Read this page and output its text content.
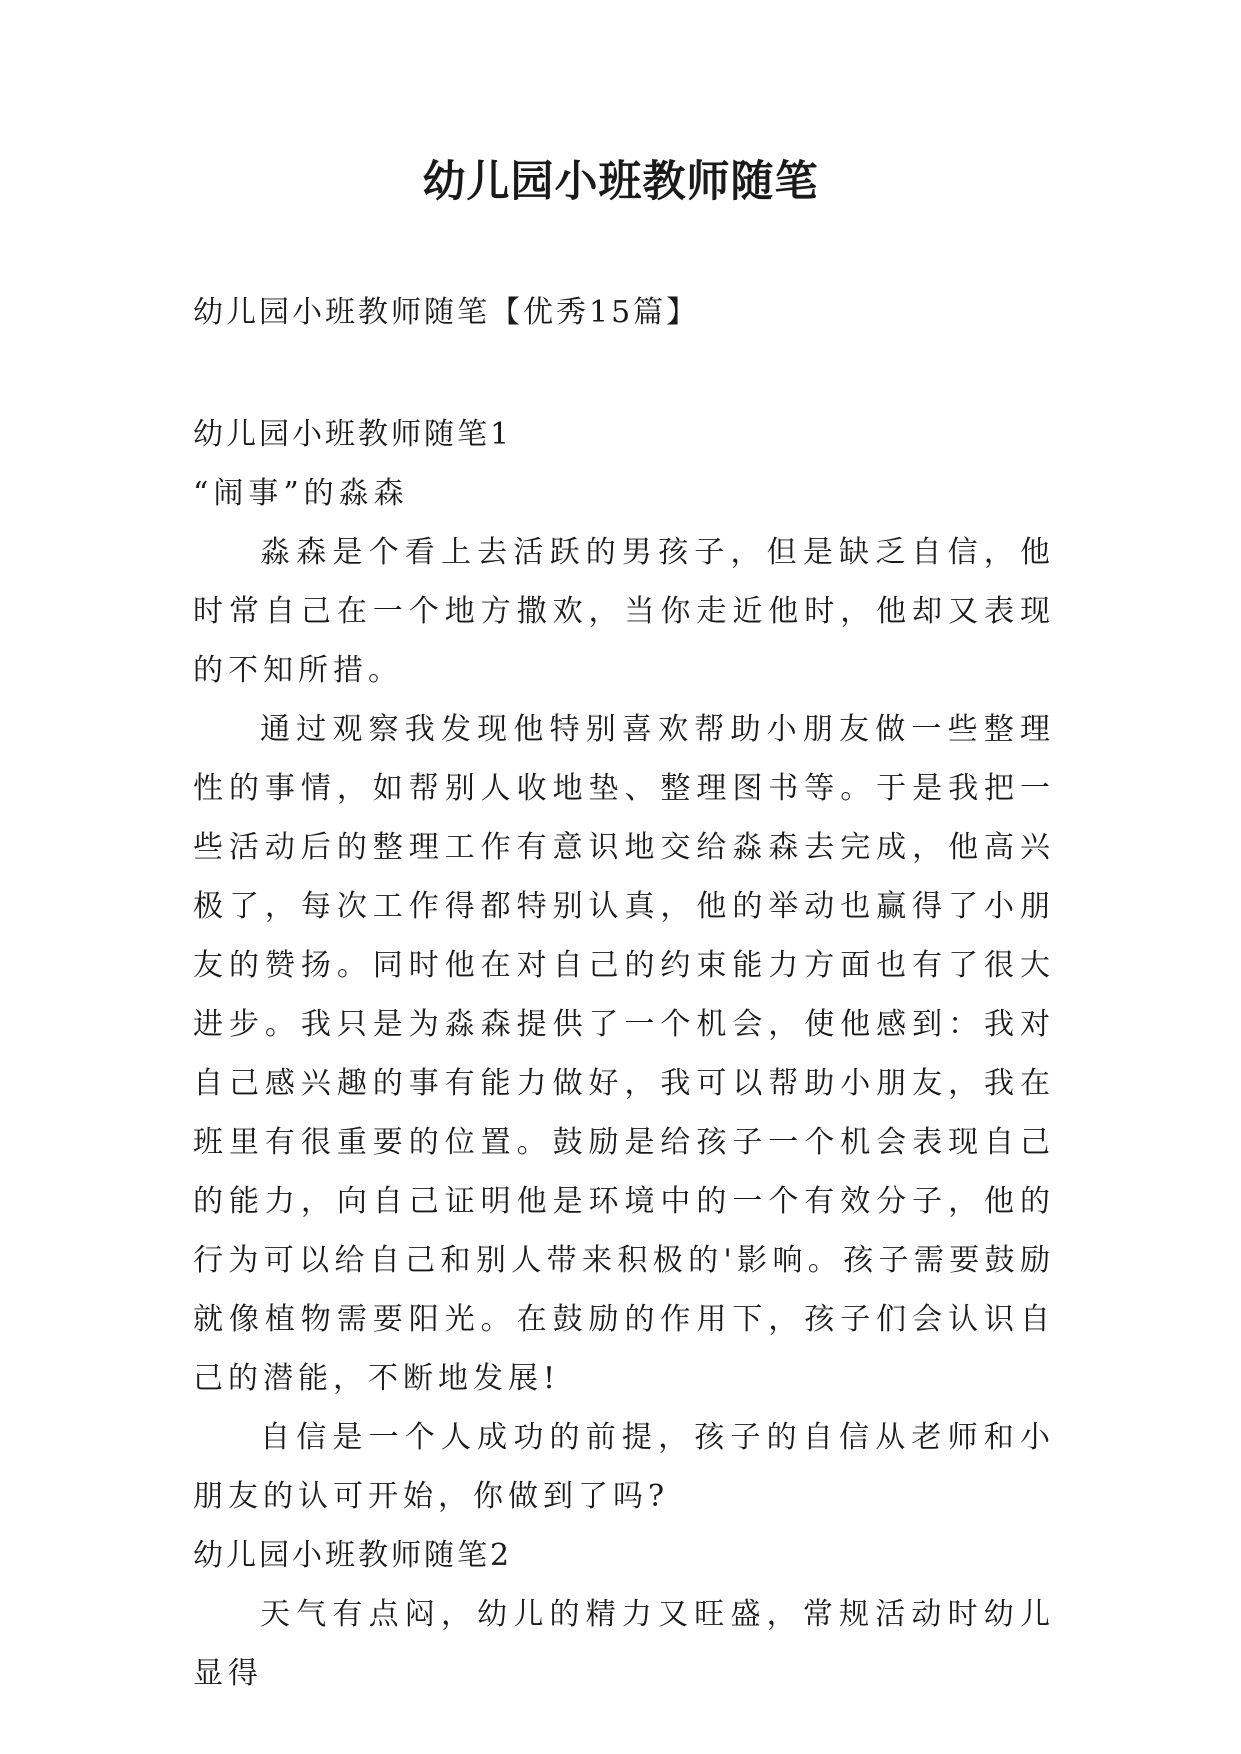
幼儿园小班教师随笔

幼儿园小班教师随笔【优秀15篇】

幼儿园小班教师随笔1

“闹事”的淼森

淼森是个看上去活跃的男孩子，但是缺乏自信，他时常自己在一个地方撒欢，当你走近他时，他却又表现的不知所措。

通过观察我发现他特别喜欢帮助小朋友做一些整理性的事情，如帮别人收地垫、整理图书等。于是我把一些活动后的整理工作有意识地交给淼森去完成，他高兴极了，每次工作得都特别认真，他的举动也赢得了小朋友的赞扬。同时他在对自己的约束能力方面也有了很大进步。我只是为淼森提供了一个机会，使他感到：我对自己感兴趣的事有能力做好，我可以帮助小朋友，我在班里有很重要的位置。鼓励是给孩子一个机会表现自己的能力，向自己证明他是环境中的一个有效分子，他的行为可以给自己和别人带来积极的'影响。孩子需要鼓励就像植物需要阳光。在鼓励的作用下，孩子们会认识自己的潜能，不断地发展!

自信是一个人成功的前提，孩子的自信从老师和小朋友的认可开始，你做到了吗?

幼儿园小班教师随笔2

天气有点闷，幼儿的精力又旺盛，常规活动时幼儿显得
